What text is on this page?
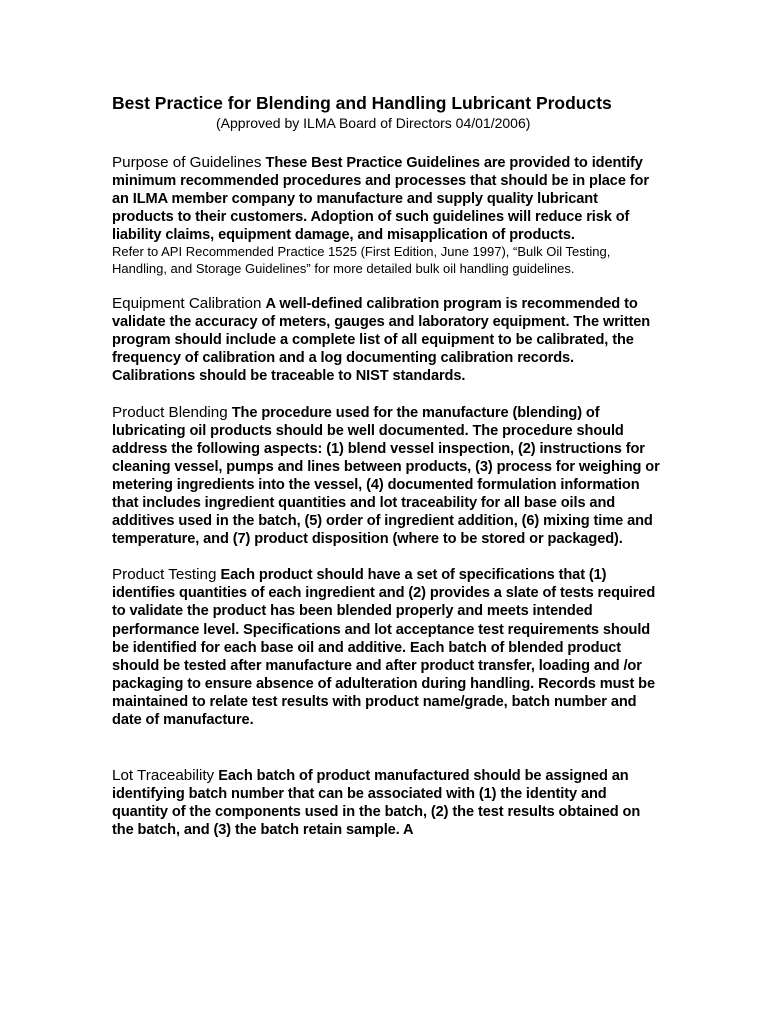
Best Practice for Blending and Handling Lubricant Products

(Approved by ILMA Board of Directors 04/01/2006)

Purpose of Guidelines These Best Practice Guidelines are provided to identify minimum recommended procedures and processes that should be in place for an ILMA member company to manufacture and supply quality lubricant products to their customers. Adoption of such guidelines will reduce risk of liability claims, equipment damage, and misapplication of products.

Refer to API Recommended Practice 1525 (First Edition, June 1997), “Bulk Oil Testing, Handling, and Storage Guidelines” for more detailed bulk oil handling guidelines.

Equipment Calibration A well-defined calibration program is recommended to validate the accuracy of meters, gauges and laboratory equipment. The written program should include a complete list of all equipment to be calibrated, the frequency of calibration and a log documenting calibration records. Calibrations should be traceable to NIST standards.
Product Blending The procedure used for the manufacture (blending) of lubricating oil products should be well documented. The procedure should address the following aspects: (1) blend vessel inspection, (2) instructions for cleaning vessel, pumps and lines between products, (3) process for weighing or metering ingredients into the vessel, (4) documented formulation information that includes ingredient quantities and lot traceability for all base oils and additives used in the batch, (5) order of ingredient addition, (6) mixing time and temperature, and (7) product disposition (where to be stored or packaged).
Product Testing Each product should have a set of specifications that (1) identifies quantities of each ingredient and (2) provides a slate of tests required to validate the product has been blended properly and meets intended performance level. Specifications and lot acceptance test requirements should be identified for each base oil and additive. Each batch of blended product should be tested after manufacture and after product transfer, loading and /or packaging to ensure absence of adulteration during handling. Records must be maintained to relate test results with product name/grade, batch number and date of manufacture.
Lot Traceability Each batch of product manufactured should be assigned an identifying batch number that can be associated with (1) the identity and quantity of the components used in the batch, (2) the test results obtained on the batch, and (3) the batch retain sample. A
